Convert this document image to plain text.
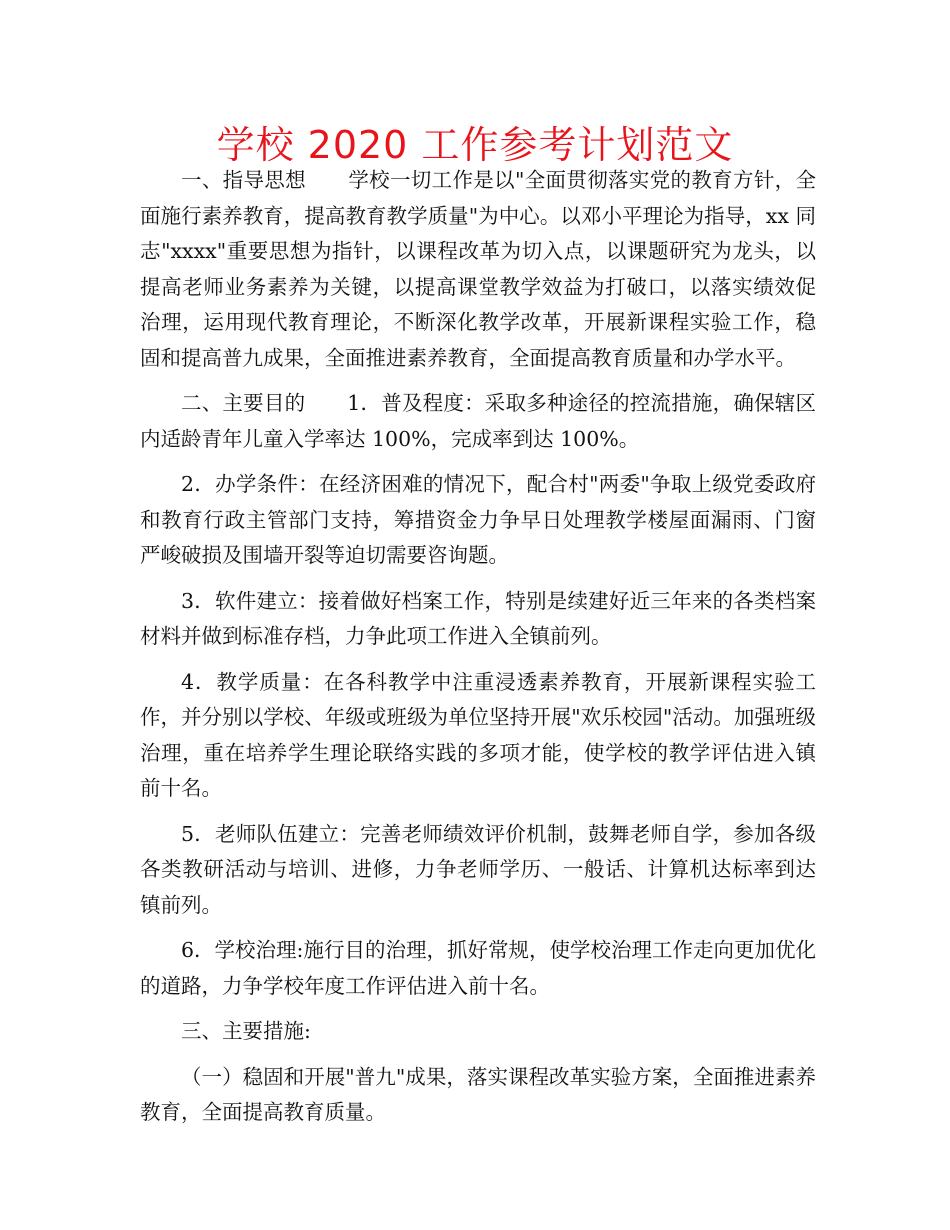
学校 2020 工作参考计划范文

一、指导思想 学校一切工作是以"全面贯彻落实党的教育方针，全面施行素养教育，提高教育教学质量"为中心。以邓小平理论为指导，xx 同志"xxxx"重要思想为指针，以课程改革为切入点，以课题研究为龙头，以提高老师业务素养为关键，以提高课堂教学效益为打破口，以落实绩效促治理，运用现代教育理论，不断深化教学改革，开展新课程实验工作，稳固和提高普九成果，全面推进素养教育，全面提高教育质量和办学水平。

二、主要目的 1．普及程度：采取多种途径的控流措施，确保辖区内适龄青年儿童入学率达 100%，完成率到达 100%。

2．办学条件：在经济困难的情况下，配合村"两委"争取上级党委政府和教育行政主管部门支持，筹措资金力争早日处理教学楼屋面漏雨、门窗严峻破损及围墙开裂等迫切需要咨询题。

3．软件建立：接着做好档案工作，特别是续建好近三年来的各类档案材料并做到标准存档，力争此项工作进入全镇前列。

4．教学质量：在各科教学中注重浸透素养教育，开展新课程实验工作，并分别以学校、年级或班级为单位坚持开展"欢乐校园"活动。加强班级治理，重在培养学生理论联络实践的多项才能，使学校的教学评估进入镇前十名。

5．老师队伍建立：完善老师绩效评价机制，鼓舞老师自学，参加各级各类教研活动与培训、进修，力争老师学历、一般话、计算机达标率到达镇前列。

6．学校治理:施行目的治理，抓好常规，使学校治理工作走向更加优化的道路，力争学校年度工作评估进入前十名。

三、主要措施:

（一）稳固和开展"普九"成果，落实课程改革实验方案，全面推进素养教育，全面提高教育质量。
